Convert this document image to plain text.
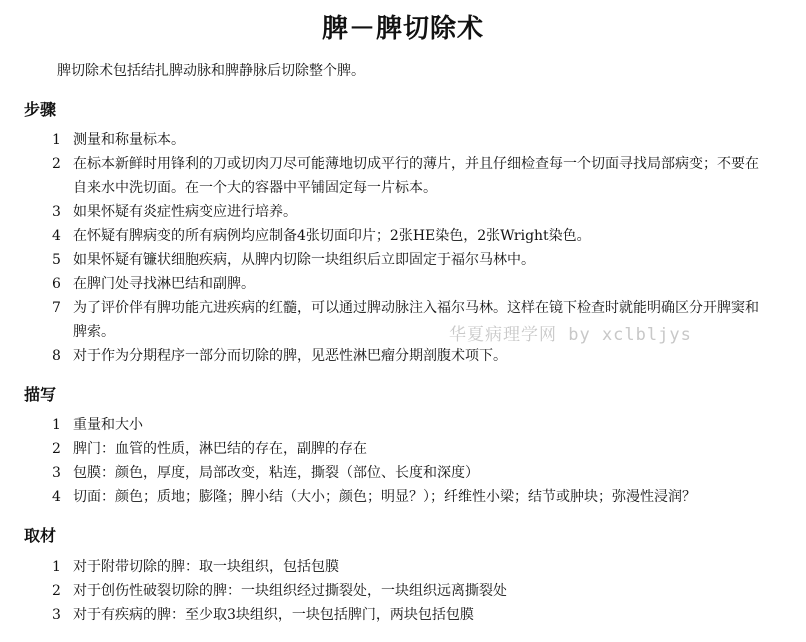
脾－脾切除术
脾切除术包括结扎脾动脉和脾静脉后切除整个脾。
步骤
1 测量和称量标本。
2 在标本新鲜时用锋利的刀或切肉刀尽可能薄地切成平行的薄片，并且仔细检查每一个切面寻找局部病变；不要在自来水中洗切面。在一个大的容器中平铺固定每一片标本。
3 如果怀疑有炎症性病变应进行培养。
4 在怀疑有脾病变的所有病例均应制备4张切面印片；2张HE染色，2张Wright染色。
5 如果怀疑有镰状细胞疾病，从脾内切除一块组织后立即固定于福尔马林中。
6 在脾门处寻找淋巴结和副脾。
7 为了评价伴有脾功能亢进疾病的红髓，可以通过脾动脉注入福尔马林。这样在镜下检查时就能明确区分开脾窦和脾索。
8 对于作为分期程序一部分而切除的脾，见恶性淋巴瘤分期剖腹术项下。
描写
1 重量和大小
2 脾门：血管的性质，淋巴结的存在，副脾的存在
3 包膜：颜色，厚度，局部改变，粘连，撕裂（部位、长度和深度）
4 切面：颜色；质地；膨隆；脾小结（大小；颜色；明显？）；纤维性小梁；结节或肿块；弥漫性浸润？
取材
1 对于附带切除的脾：取一块组织，包括包膜
2 对于创伤性破裂切除的脾：一块组织经过撕裂处，一块组织远离撕裂处
3 对于有疾病的脾：至少取3块组织，一块包括脾门，两块包括包膜
华夏病理学网 by xclbljys
